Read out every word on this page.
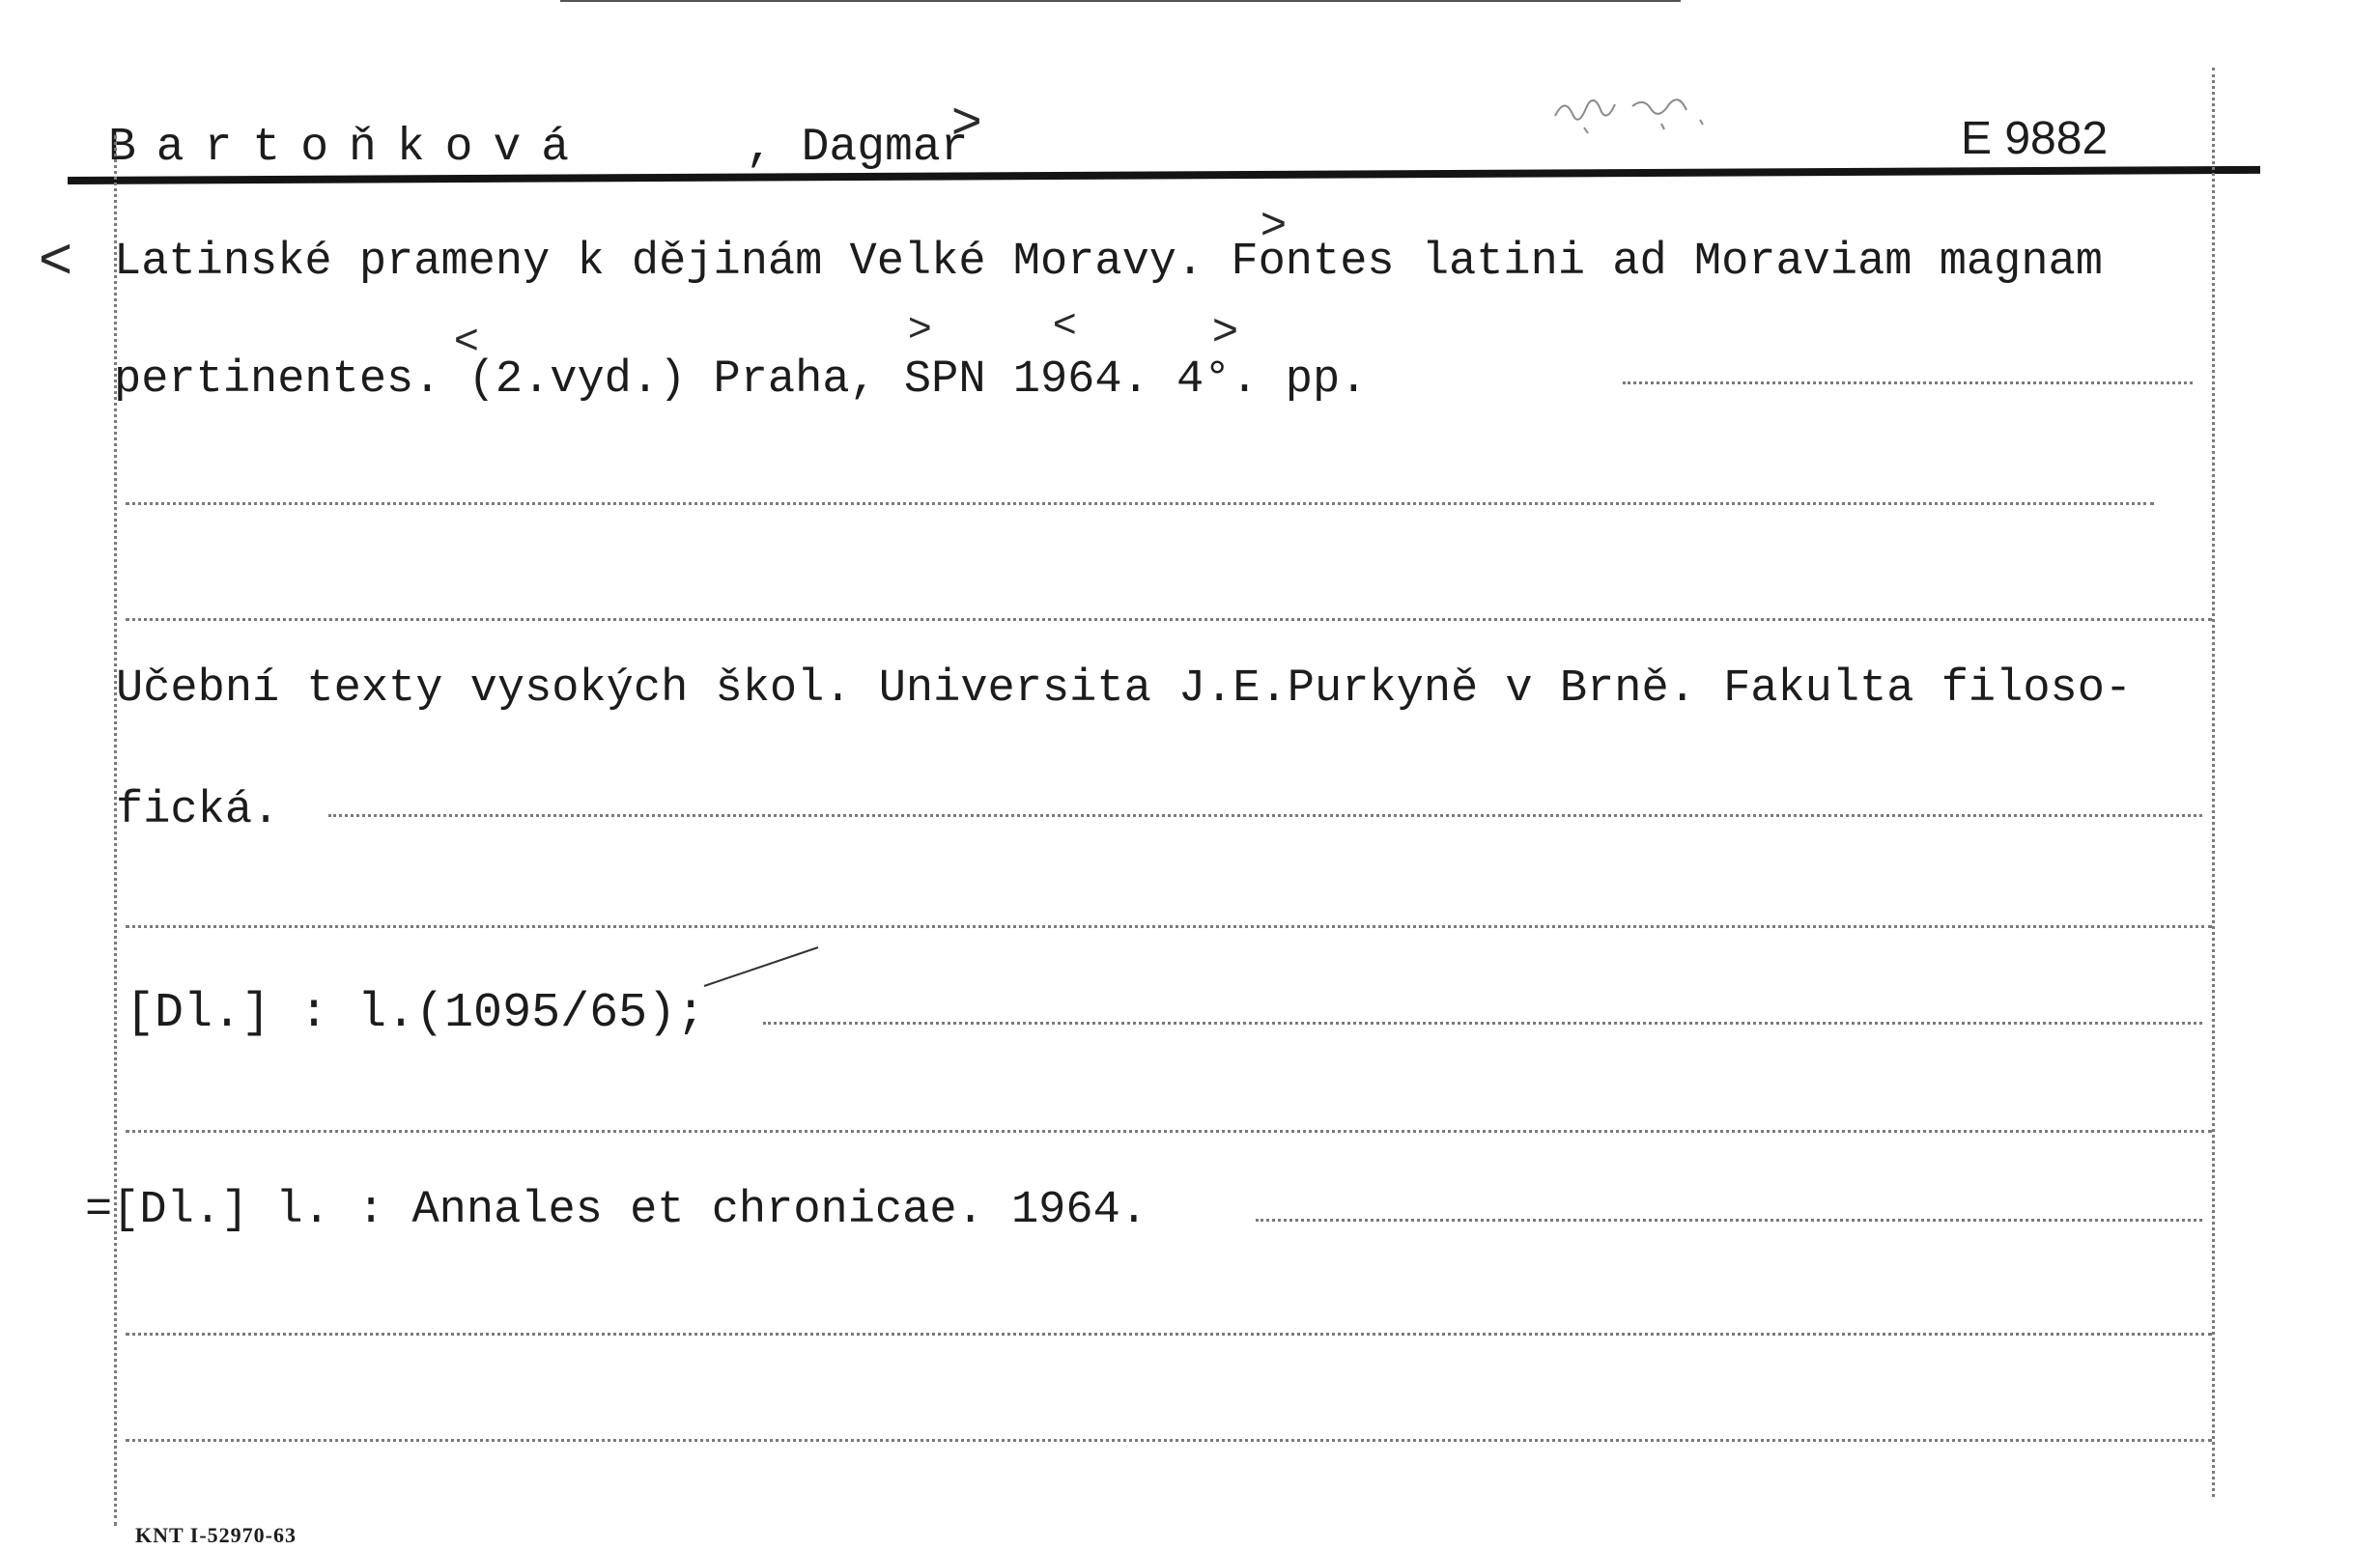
Bartoňková	, Dagmar
>	E 9882
< Latinské prameny k dějinám Velké Moravy. Fontes latini ad Moraviam magnam
>
pertinentes. (2.vyd.) Praha, SPN 1964. 4°. pp.
<	>	<	>
Učební texty vysokých škol. Universita J.E.Purkyně v Brně. Fakulta filoso-
fická.
[Dl.] : l.(1095/65);
=[Dl.] l. : Annales et chronicae. 1964.
KNT I-52970-63
